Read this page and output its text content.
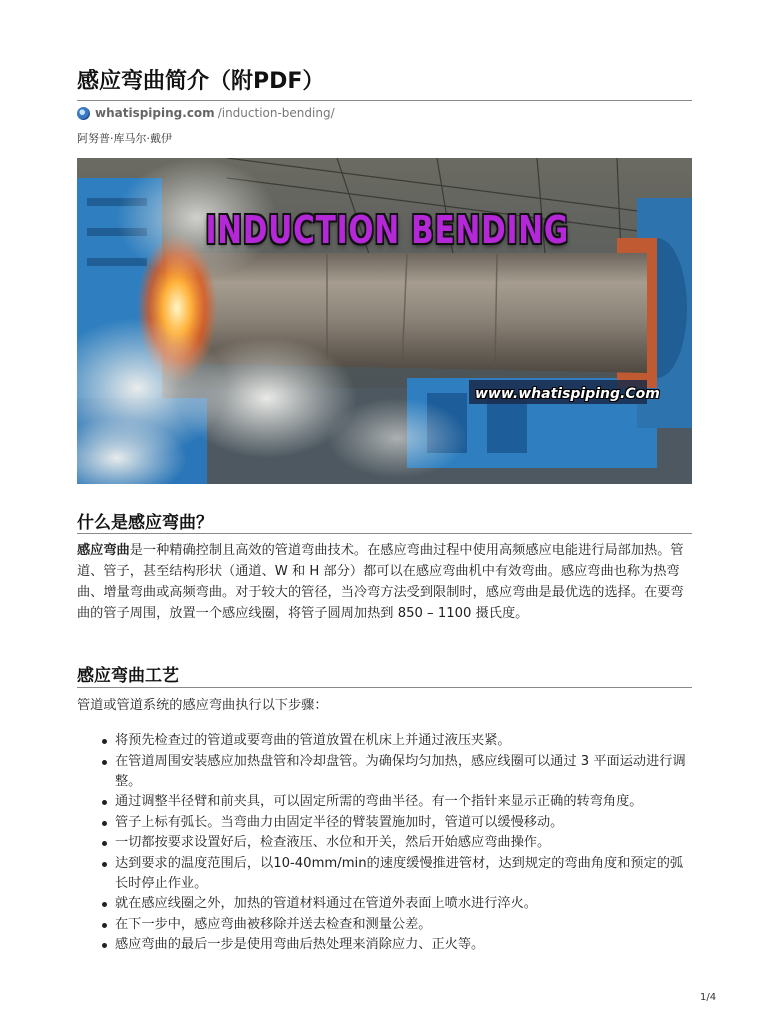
感应弯曲简介（附PDF）
whatispiping.com /induction-bending/
阿努普·库马尔·戴伊
INDUCTION BENDING
www.whatispiping.Com
什么是感应弯曲？
感应弯曲是一种精确控制且高效的管道弯曲技术。在感应弯曲过程中使用高频感应电能进行局部加热。管道、管子，甚至结构形状（通道、W 和 H 部分）都可以在感应弯曲机中有效弯曲。感应弯曲也称为热弯曲、增量弯曲或高频弯曲。对于较大的管径，当冷弯方法受到限制时，感应弯曲是最优选的选择。在要弯曲的管子周围，放置一个感应线圈，将管子圆周加热到 850 – 1100 摄氏度。
感应弯曲工艺
管道或管道系统的感应弯曲执行以下步骤：
将预先检查过的管道或要弯曲的管道放置在机床上并通过液压夹紧。
在管道周围安装感应加热盘管和冷却盘管。为确保均匀加热，感应线圈可以通过 3 平面运动进行调整。
通过调整半径臂和前夹具，可以固定所需的弯曲半径。有一个指针来显示正确的转弯角度。
管子上标有弧长。当弯曲力由固定半径的臂装置施加时，管道可以缓慢移动。
一切都按要求设置好后，检查液压、水位和开关，然后开始感应弯曲操作。
达到要求的温度范围后，以10-40mm/min的速度缓慢推进管材，达到规定的弯曲角度和预定的弧长时停止作业。
就在感应线圈之外，加热的管道材料通过在管道外表面上喷水进行淬火。
在下一步中，感应弯曲被移除并送去检查和测量公差。
感应弯曲的最后一步是使用弯曲后热处理来消除应力、正火等。
1/4
